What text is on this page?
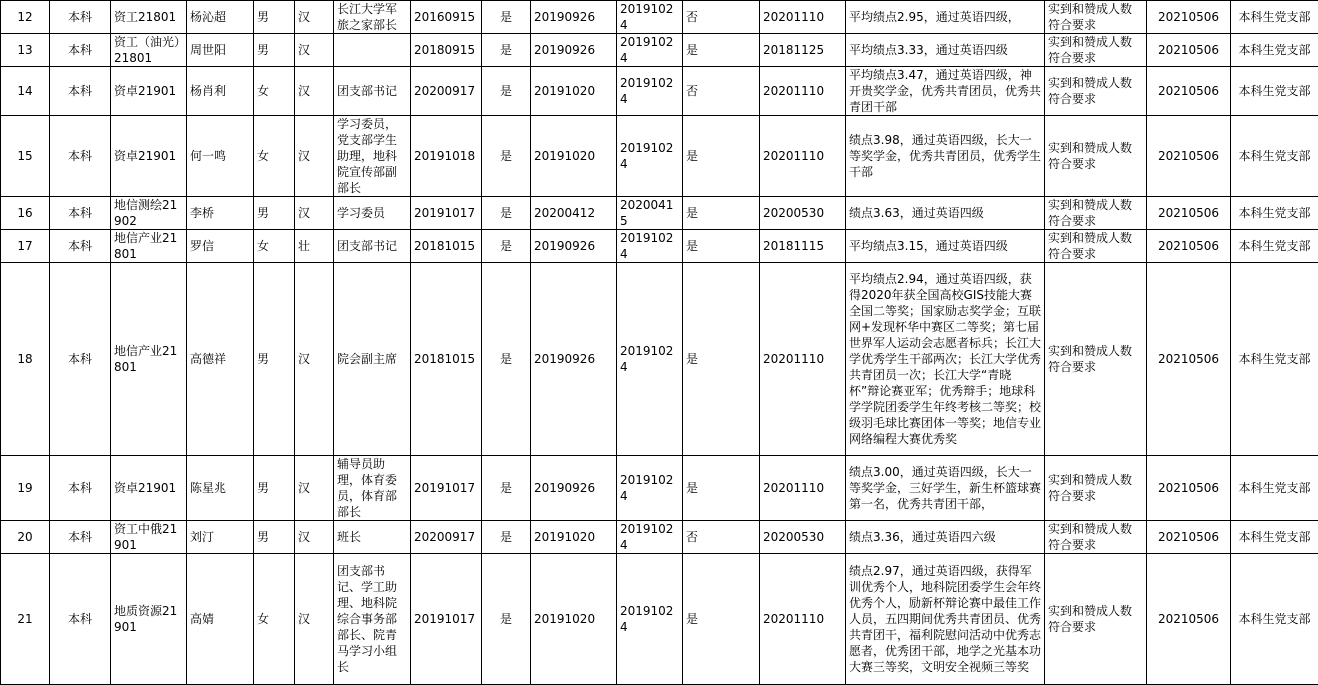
12	本科	资工21801	杨沁超	男	汉	长江大学军旅之家部长	20160915	是	20190926	20191024	否	20201110	平均绩点2.95，通过英语四级，	实到和赞成人数符合要求	20210506	本科生党支部
13	本科	资工（油光）21801	周世阳	男	汉		20180915	是	20190926	20191024	是	20181125	平均绩点3.33，通过英语四级	实到和赞成人数符合要求	20210506	本科生党支部
14	本科	资卓21901	杨肖利	女	汉	团支部书记	20200917	是	20191020	20191024	否	20201110	平均绩点3.47，通过英语四级，神开贵奖学金，优秀共青团员，优秀共青团干部	实到和赞成人数符合要求	20210506	本科生党支部
15	本科	资卓21901	何一鸣	女	汉	学习委员，党支部学生助理，地科院宣传部副部长	20191018	是	20191020	20191024	是	20201110	绩点3.98，通过英语四级，长大一等奖学金，优秀共青团员，优秀学生干部	实到和赞成人数符合要求	20210506	本科生党支部
16	本科	地信测绘21902	李桥	男	汉	学习委员	20191017	是	20200412	20200415	是	20200530	绩点3.63，通过英语四级	实到和赞成人数符合要求	20210506	本科生党支部
17	本科	地信产业21801	罗信	女	壮	团支部书记	20181015	是	20190926	20191024	是	20181115	平均绩点3.15，通过英语四级	实到和赞成人数符合要求	20210506	本科生党支部
18	本科	地信产业21801	高德祥	男	汉	院会副主席	20181015	是	20190926	20191024	是	20201110	平均绩点2.94，通过英语四级，获得2020年获全国高校GIS技能大赛全国二等奖；国家励志奖学金；互联网+发现杯华中赛区二等奖；第七届世界军人运动会志愿者标兵；长江大学优秀学生干部两次；长江大学优秀共青团员一次；长江大学“青晓杯”辩论赛亚军；优秀辩手；地球科学学院团委学生年终考核二等奖；校级羽毛球比赛团体一等奖；地信专业网络编程大赛优秀奖	实到和赞成人数符合要求	20210506	本科生党支部
19	本科	资卓21901	陈星兆	男	汉	辅导员助理，体育委员，体育部部长	20191017	是	20190926	20191024	是	20201110	绩点3.00，通过英语四级，长大一等奖学金，三好学生，新生杯篮球赛第一名，优秀共青团干部，	实到和赞成人数符合要求	20210506	本科生党支部
20	本科	资工中俄21901	刘汀	男	汉	班长	20200917	是	20191020	20191024	否	20200530	绩点3.36，通过英语四六级	实到和赞成人数符合要求	20210506	本科生党支部
21	本科	地质资源21901	高婧	女	汉	团支部书记、学工助理、地科院综合事务部部长、院青马学习小组长	20191017	是	20191020	20191024	是	20201110	绩点2.97，通过英语四级，获得军训优秀个人，地科院团委学生会年终优秀个人，励新杯辩论赛中最佳工作人员，五四期间优秀共青团员、优秀共青团干，福利院慰问活动中优秀志愿者，优秀团干部，地学之光基本功大赛三等奖，文明安全视频三等奖	实到和赞成人数符合要求	20210506	本科生党支部
